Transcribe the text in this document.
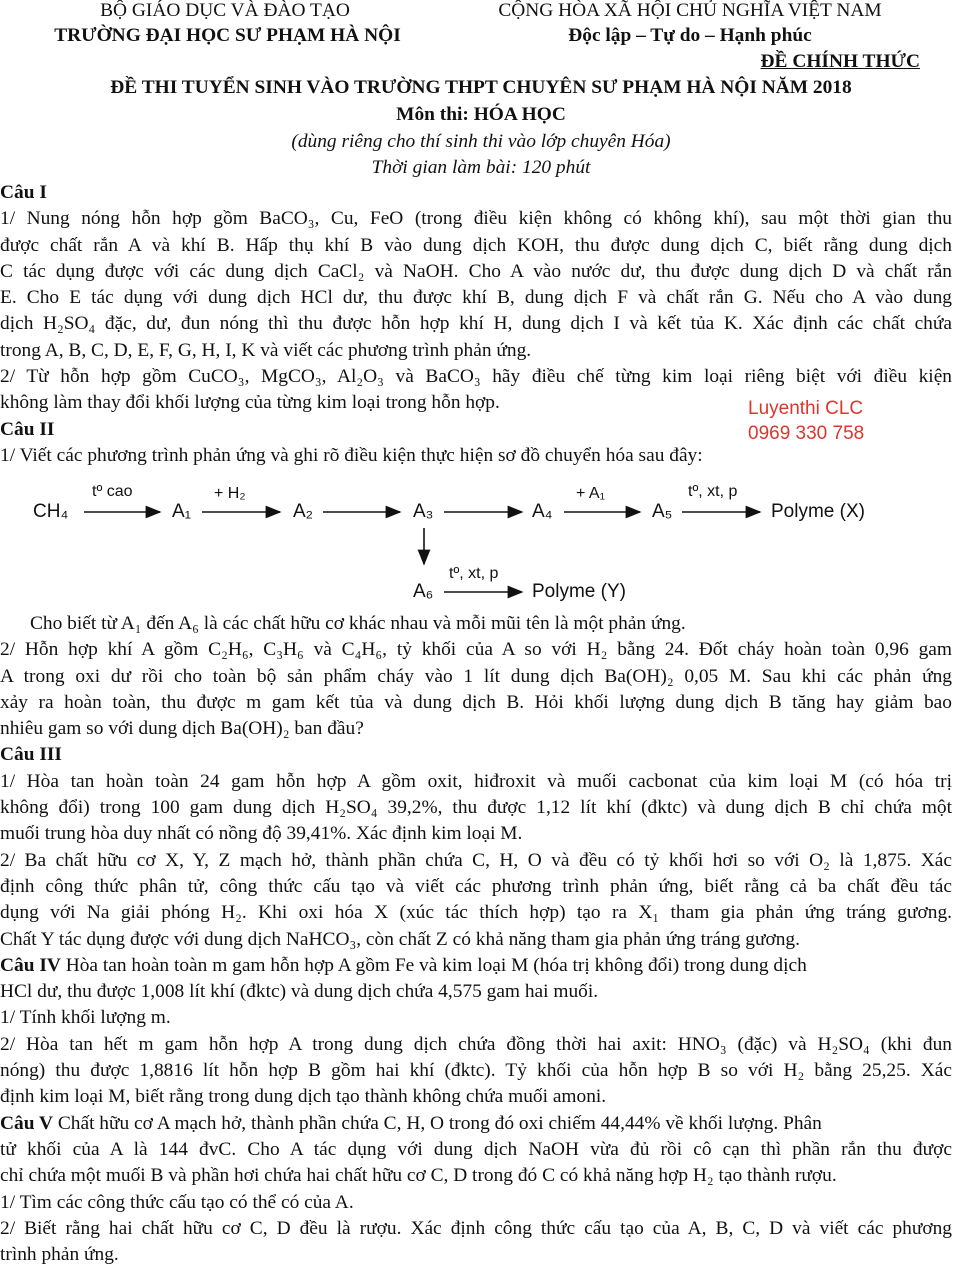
BỘ GIÁO DỤC VÀ ĐÀO TẠO
TRƯỜNG ĐẠI HỌC SƯ PHẠM HÀ NỘI
CỘNG HÒA XÃ HỘI CHỦ NGHĨA VIỆT NAM
Độc lập – Tự do – Hạnh phúc
ĐỀ CHÍNH THỨC
ĐỀ THI TUYỂN SINH VÀO TRƯỜNG THPT CHUYÊN SƯ PHẠM HÀ NỘI NĂM 2018
Môn thi: HÓA HỌC
(dùng riêng cho thí sinh thi vào lớp chuyên Hóa)
Thời gian làm bài: 120 phút
Câu I
1/ Nung nóng hỗn hợp gồm BaCO₃, Cu, FeO (trong điều kiện không có không khí), sau một thời gian thu
được chất rắn A và khí B. Hấp thụ khí B vào dung dịch KOH, thu được dung dịch C, biết rằng dung dịch
C tác dụng được với các dung dịch CaCl₂ và NaOH. Cho A vào nước dư, thu được dung dịch D và chất rắn
E. Cho E tác dụng với dung dịch HCl dư, thu được khí B, dung dịch F và chất rắn G. Nếu cho A vào dung
dịch H₂SO₄ đặc, dư, đun nóng thì thu được hỗn hợp khí H, dung dịch I và kết tủa K. Xác định các chất chứa
trong A, B, C, D, E, F, G, H, I, K và viết các phương trình phản ứng.
2/ Từ hỗn hợp gồm CuCO₃, MgCO₃, Al₂O₃ và BaCO₃ hãy điều chế từng kim loại riêng biệt với điều kiện
không làm thay đổi khối lượng của từng kim loại trong hỗn hợp.
Câu II
1/ Viết các phương trình phản ứng và ghi rõ điều kiện thực hiện sơ đồ chuyển hóa sau đây:
Luyenthi CLC
0969 330 758
CH₄	A₁	A₂	A₃	A₄	A₅	Polyme (X)
A₆	Polyme (Y)
tº cao	+ H₂	+ A₁	tº, xt, p
tº, xt, p
Cho biết từ A₁ đến A₆ là các chất hữu cơ khác nhau và mỗi mũi tên là một phản ứng.
2/ Hỗn hợp khí A gồm C₂H₆, C₃H₆ và C₄H₆, tỷ khối của A so với H₂ bằng 24. Đốt cháy hoàn toàn 0,96 gam
A trong oxi dư rồi cho toàn bộ sản phẩm cháy vào 1 lít dung dịch Ba(OH)₂ 0,05 M. Sau khi các phản ứng
xảy ra hoàn toàn, thu được m gam kết tủa và dung dịch B. Hỏi khối lượng dung dịch B tăng hay giảm bao
nhiêu gam so với dung dịch Ba(OH)₂ ban đầu?
Câu III
1/ Hòa tan hoàn toàn 24 gam hỗn hợp A gồm oxit, hiđroxit và muối cacbonat của kim loại M (có hóa trị
không đổi) trong 100 gam dung dịch H₂SO₄ 39,2%, thu được 1,12 lít khí (đktc) và dung dịch B chỉ chứa một
muối trung hòa duy nhất có nồng độ 39,41%. Xác định kim loại M.
2/ Ba chất hữu cơ X, Y, Z mạch hở, thành phần chứa C, H, O và đều có tỷ khối hơi so với O₂ là 1,875. Xác
định công thức phân tử, công thức cấu tạo và viết các phương trình phản ứng, biết rằng cả ba chất đều tác
dụng với Na giải phóng H₂. Khi oxi hóa X (xúc tác thích hợp) tạo ra X₁ tham gia phản ứng tráng gương.
Chất Y tác dụng được với dung dịch NaHCO₃, còn chất Z có khả năng tham gia phản ứng tráng gương.
Câu IV Hòa tan hoàn toàn m gam hỗn hợp A gồm Fe và kim loại M (hóa trị không đổi) trong dung dịch
HCl dư, thu được 1,008 lít khí (đktc) và dung dịch chứa 4,575 gam hai muối.
1/ Tính khối lượng m.
2/ Hòa tan hết m gam hỗn hợp A trong dung dịch chứa đồng thời hai axit: HNO₃ (đặc) và H₂SO₄ (khi đun
nóng) thu được 1,8816 lít hỗn hợp B gồm hai khí (đktc). Tỷ khối của hỗn hợp B so với H₂ bằng 25,25. Xác
định kim loại M, biết rằng trong dung dịch tạo thành không chứa muối amoni.
Câu V Chất hữu cơ A mạch hở, thành phần chứa C, H, O trong đó oxi chiếm 44,44% về khối lượng. Phân
tử khối của A là 144 đvC. Cho A tác dụng với dung dịch NaOH vừa đủ rồi cô cạn thì phần rắn thu được
chỉ chứa một muối B và phần hơi chứa hai chất hữu cơ C, D trong đó C có khả năng hợp H₂ tạo thành rượu.
1/ Tìm các công thức cấu tạo có thể có của A.
2/ Biết rằng hai chất hữu cơ C, D đều là rượu. Xác định công thức cấu tạo của A, B, C, D và viết các phương
trình phản ứng.
